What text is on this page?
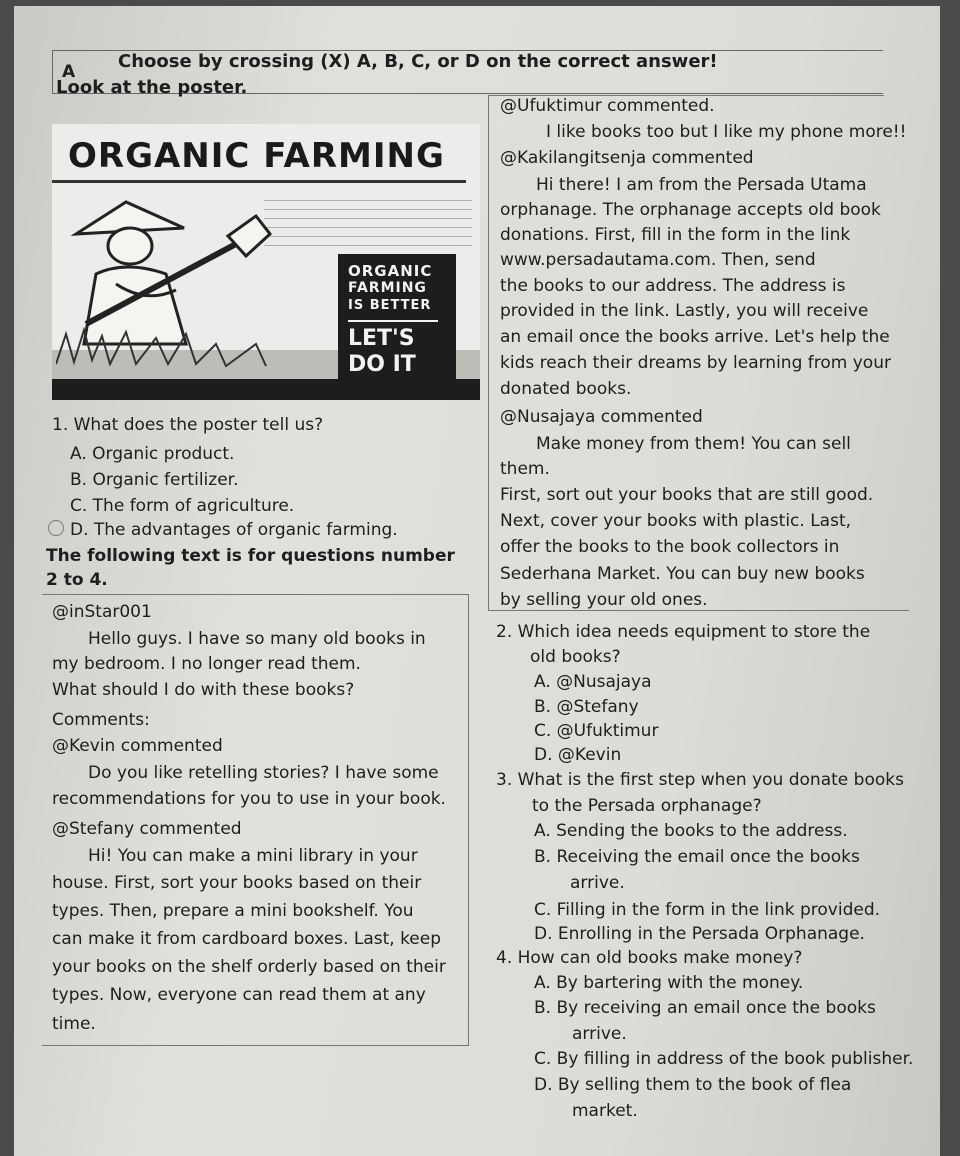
A Choose by crossing (X) A, B, C, or D on the correct answer!
Look at the poster.
ORGANIC FARMING
ORGANIC
FARMING
IS BETTER
LET'S
DO IT
1. What does the poster tell us?
A. Organic product.
B. Organic fertilizer.
C. The form of agriculture.
D. The advantages of organic farming.
The following text is for questions number
2 to 4.
@inStar001
Hello guys. I have so many old books in
my bedroom. I no longer read them.
What should I do with these books?
Comments:
@Kevin commented
Do you like retelling stories? I have some
recommendations for you to use in your book.
@Stefany commented
Hi! You can make a mini library in your
house. First, sort your books based on their
types. Then, prepare a mini bookshelf. You
can make it from cardboard boxes. Last, keep
your books on the shelf orderly based on their
types. Now, everyone can read them at any
time.
@Ufuktimur commented.
I like books too but I like my phone more!!
@Kakilangitsenja commented
Hi there! I am from the Persada Utama
orphanage. The orphanage accepts old book
donations. First, fill in the form in the link
www.persadautama.com. Then, send
the books to our address. The address is
provided in the link. Lastly, you will receive
an email once the books arrive. Let's help the
kids reach their dreams by learning from your
donated books.
@Nusajaya commented
Make money from them! You can sell
them.
First, sort out your books that are still good.
Next, cover your books with plastic. Last,
offer the books to the book collectors in
Sederhana Market. You can buy new books
by selling your old ones.
2. Which idea needs equipment to store the
old books?
A. @Nusajaya
B. @Stefany
C. @Ufuktimur
D. @Kevin
3. What is the first step when you donate books
to the Persada orphanage?
A. Sending the books to the address.
B. Receiving the email once the books
arrive.
C. Filling in the form in the link provided.
D. Enrolling in the Persada Orphanage.
4. How can old books make money?
A. By bartering with the money.
B. By receiving an email once the books
arrive.
C. By filling in address of the book publisher.
D. By selling them to the book of flea
market.
